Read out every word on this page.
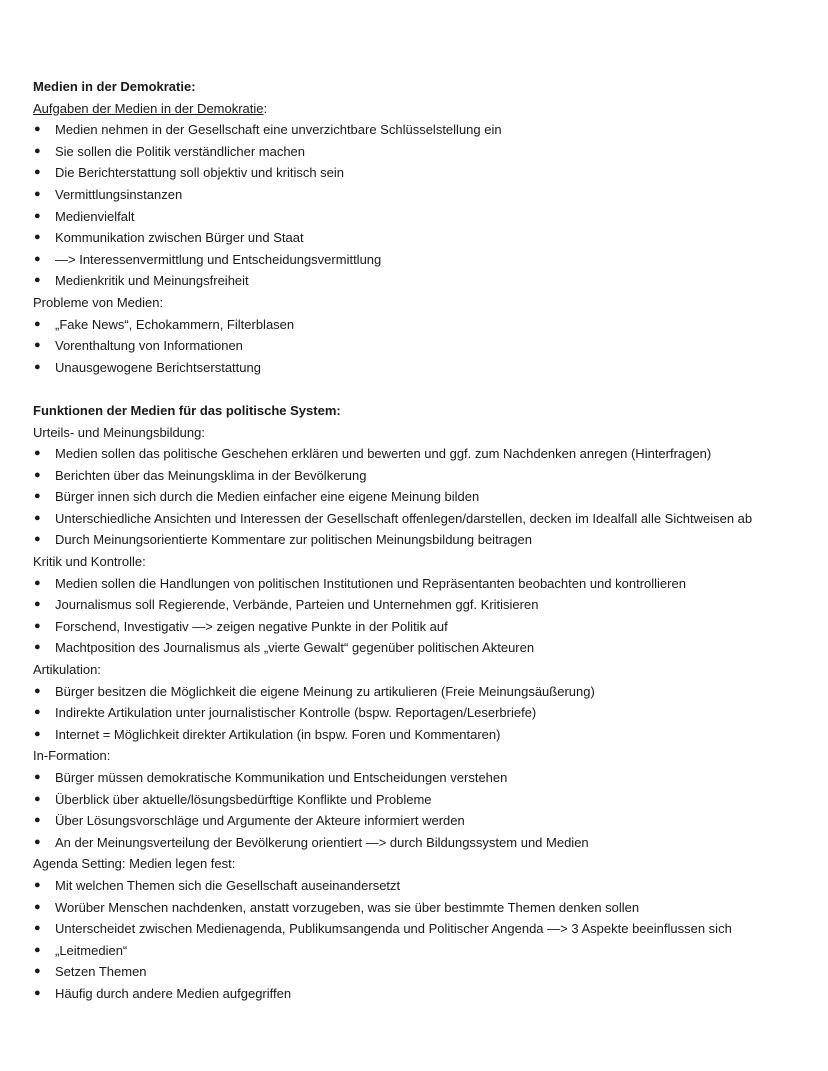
Medien in der Demokratie:
Aufgaben der Medien in der Demokratie:
● Medien nehmen in der Gesellschaft eine unverzichtbare Schlüsselstellung ein
● Sie sollen die Politik verständlicher machen
● Die Berichterstattung soll objektiv und kritisch sein
● Vermittlungsinstanzen
● Medienvielfalt
● Kommunikation zwischen Bürger und Staat
● —> Interessenvermittlung und Entscheidungsvermittlung
● Medienkritik und Meinungsfreiheit
Probleme von Medien:
● „Fake News“, Echokammern, Filterblasen
● Vorenthaltung von Informationen
● Unausgewogene Berichtserstattung
Funktionen der Medien für das politische System:
Urteils- und Meinungsbildung:
● Medien sollen das politische Geschehen erklären und bewerten und ggf. zum Nachdenken anregen (Hinterfragen)
● Berichten über das Meinungsklima in der Bevölkerung
● Bürger innen sich durch die Medien einfacher eine eigene Meinung bilden
● Unterschiedliche Ansichten und Interessen der Gesellschaft offenlegen/darstellen, decken im Idealfall alle Sichtweisen ab
● Durch Meinungsorientierte Kommentare zur politischen Meinungsbildung beitragen
Kritik und Kontrolle:
● Medien sollen die Handlungen von politischen Institutionen und Repräsentanten beobachten und kontrollieren
● Journalismus soll Regierende, Verbände, Parteien und Unternehmen ggf. Kritisieren
● Forschend, Investigativ —> zeigen negative Punkte in der Politik auf
● Machtposition des Journalismus als „vierte Gewalt“ gegenüber politischen Akteuren
Artikulation:
● Bürger besitzen die Möglichkeit die eigene Meinung zu artikulieren (Freie Meinungsäußerung)
● Indirekte Artikulation unter journalistischer Kontrolle (bspw. Reportagen/Leserbriefe)
● Internet = Möglichkeit direkter Artikulation (in bspw. Foren und Kommentaren)
In-Formation:
● Bürger müssen demokratische Kommunikation und Entscheidungen verstehen
● Überblick über aktuelle/lösungsbedürftige Konflikte und Probleme
● Über Lösungsvorschläge und Argumente der Akteure informiert werden
● An der Meinungsverteilung der Bevölkerung orientiert —> durch Bildungssystem und Medien
Agenda Setting: Medien legen fest:
● Mit welchen Themen sich die Gesellschaft auseinandersetzt
● Worüber Menschen nachdenken, anstatt vorzugeben, was sie über bestimmte Themen denken sollen
● Unterscheidet zwischen Medienagenda, Publikumsangenda und Politischer Angenda —> 3 Aspekte beeinflussen sich
● „Leitmedien“
● Setzen Themen
● Häufig durch andere Medien aufgegriffen
